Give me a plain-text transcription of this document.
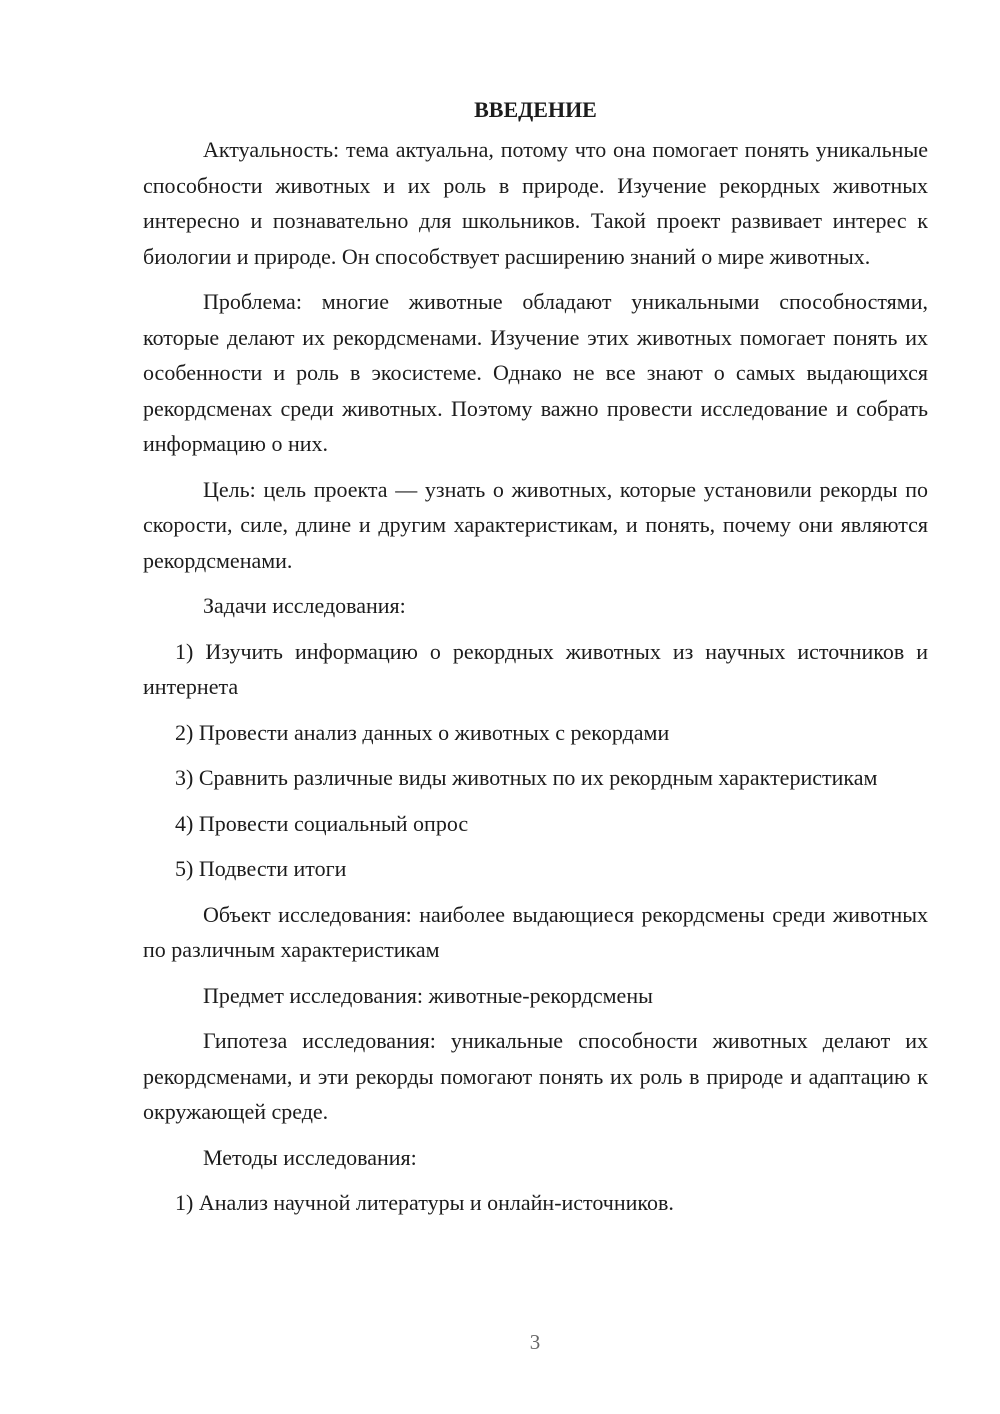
ВВЕДЕНИЕ

Актуальность: тема актуальна, потому что она помогает понять уникальные способности животных и их роль в природе. Изучение рекордных животных интересно и познавательно для школьников. Такой проект развивает интерес к биологии и природе. Он способствует расширению знаний о мире животных.

Проблема: многие животные обладают уникальными способностями, которые делают их рекордсменами. Изучение этих животных помогает понять их особенности и роль в экосистеме. Однако не все знают о самых выдающихся рекордсменах среди животных. Поэтому важно провести исследование и собрать информацию о них.

Цель: цель проекта — узнать о животных, которые установили рекорды по скорости, силе, длине и другим характеристикам, и понять, почему они являются рекордсменами.

Задачи исследования:

1) Изучить информацию о рекордных животных из научных источников и интернета

2) Провести анализ данных о животных с рекордами

3) Сравнить различные виды животных по их рекордным характеристикам

4) Провести социальный опрос

5) Подвести итоги

Объект исследования: наиболее выдающиеся рекордсмены среди животных по различным характеристикам

Предмет исследования: животные-рекордсмены

Гипотеза исследования: уникальные способности животных делают их рекордсменами, и эти рекорды помогают понять их роль в природе и адаптацию к окружающей среде.

Методы исследования:

1) Анализ научной литературы и онлайн-источников.

3
